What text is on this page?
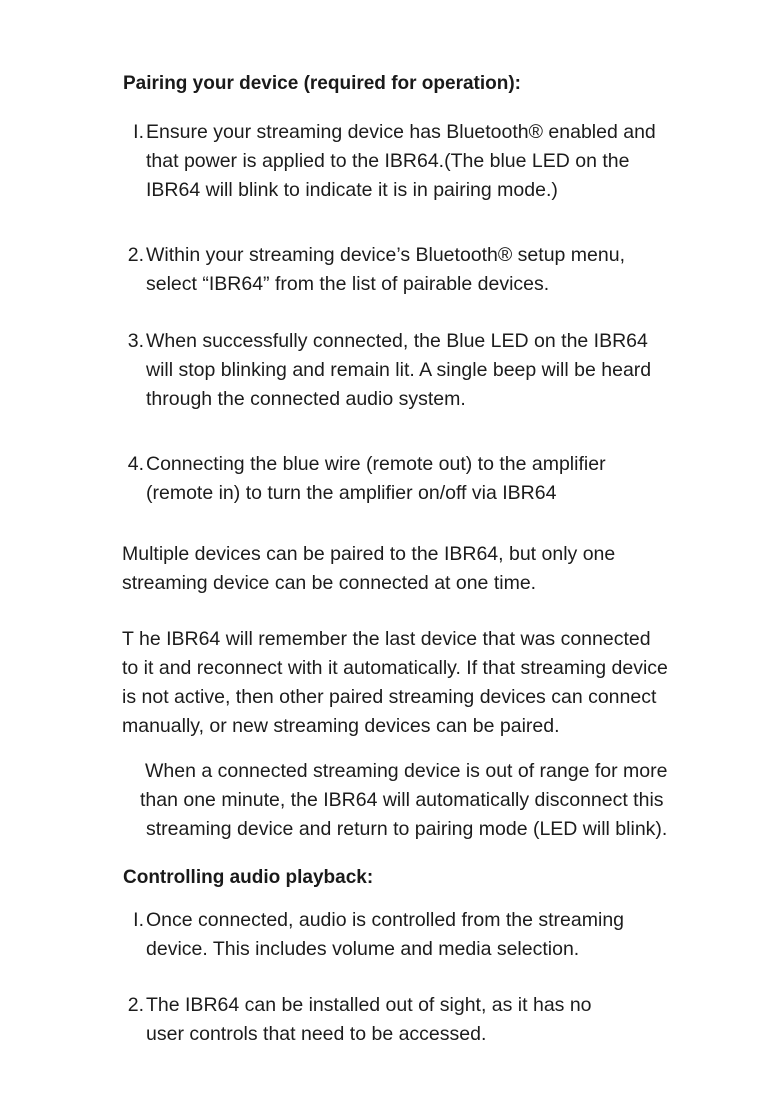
Pairing your device (required for operation):
I. Ensure your streaming device has Bluetooth® enabled and
that power is applied to the IBR64.(The blue LED on the
IBR64 will blink to indicate it is in pairing mode.)
2. Within your streaming device’s Bluetooth® setup menu,
select “IBR64” from the list of pairable devices.
3. When successfully connected, the Blue LED on the IBR64
will stop blinking and remain lit. A single beep will be heard
through the connected audio system.
4. Connecting the blue wire (remote out) to the amplifier
(remote in) to turn the amplifier on/off via IBR64
Multiple devices can be paired to the IBR64, but only one
streaming device can be connected at one time.
T he IBR64 will remember the last device that was connected
to it and reconnect with it automatically. If that streaming device
is not active, then other paired streaming devices can connect
manually, or new streaming devices can be paired.
When a connected streaming device is out of range for more
than one minute, the IBR64 will automatically disconnect this
streaming device and return to pairing mode (LED will blink).
Controlling audio playback:
I. Once connected, audio is controlled from the streaming
device. This includes volume and media selection.
2. The IBR64 can be installed out of sight, as it has no
user controls that need to be accessed.
